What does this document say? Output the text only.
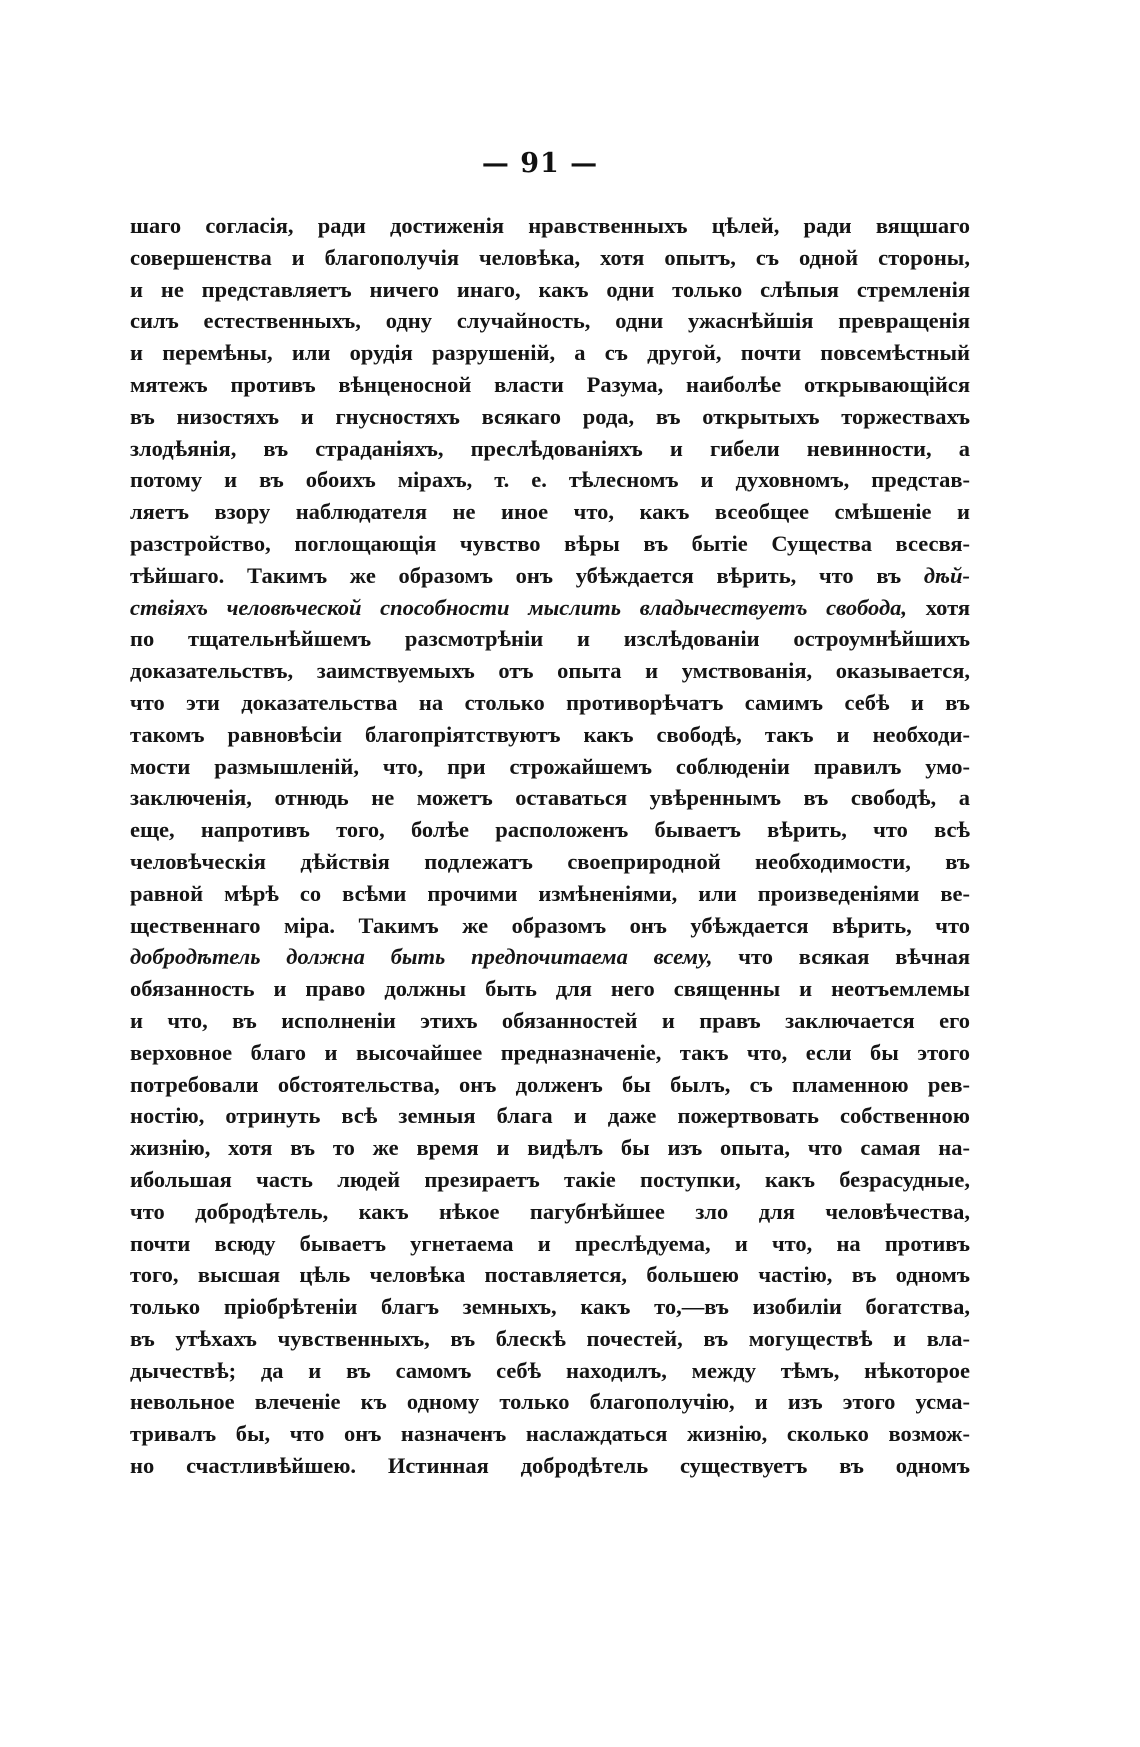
— 91 —
шаго согласія, ради достиженія нравственныхъ цѣлей, ради вящшаго
совершенства и благополучія человѣка, хотя опытъ, съ одной стороны,
и не представляетъ ничего инаго, какъ одни только слѣпыя стремленія
силъ естественныхъ, одну случайность, одни ужаснѣйшія превращенія
и перемѣны, или орудія разрушеній, а съ другой, почти повсемѣстный
мятежъ противъ вѣнценосной власти Разума, наиболѣе открывающійся
въ низостяхъ и гнусностяхъ всякаго рода, въ открытыхъ торжествахъ
злодѣянія, въ страданіяхъ, преслѣдованіяхъ и гибели невинности, а
потому и въ обоихъ мірахъ, т. е. тѣлесномъ и духовномъ, представ-
ляетъ взору наблюдателя не иное что, какъ всеобщее смѣшеніе и
разстройство, поглощающія чувство вѣры въ бытіе Существа всесвя-
тѣйшаго. Такимъ же образомъ онъ убѣждается вѣрить, что въ дѣй-
ствіяхъ человѣческой способности мыслить владычествуетъ свобода, хотя
по тщательнѣйшемъ разсмотрѣніи и изслѣдованіи остроумнѣйшихъ
доказательствъ, заимствуемыхъ отъ опыта и умствованія, оказывается,
что эти доказательства на столько противорѣчатъ самимъ себѣ и въ
такомъ равновѣсіи благопріятствуютъ какъ свободѣ, такъ и необходи-
мости размышленій, что, при строжайшемъ соблюденіи правилъ умо-
заключенія, отнюдь не можетъ оставаться увѣреннымъ въ свободѣ, а
еще, напротивъ того, болѣе расположенъ бываетъ вѣрить, что всѣ
человѣческія дѣйствія подлежатъ своеприродной необходимости, въ
равной мѣрѣ со всѣми прочими измѣненіями, или произведеніями ве-
щественнаго міра. Такимъ же образомъ онъ убѣждается вѣрить, что
добродѣтель должна быть предпочитаема всему, что всякая вѣчная
обязанность и право должны быть для него священны и неотъемлемы
и что, въ исполненіи этихъ обязанностей и правъ заключается его
верховное благо и высочайшее предназначеніе, такъ что, если бы этого
потребовали обстоятельства, онъ долженъ бы былъ, съ пламенною рев-
ностію, отринуть всѣ земныя блага и даже пожертвовать собственною
жизнію, хотя въ то же время и видѣлъ бы изъ опыта, что самая на-
ибольшая часть людей презираетъ такіе поступки, какъ безрасудные,
что добродѣтель, какъ нѣкое пагубнѣйшее зло для человѣчества,
почти всюду бываетъ угнетаема и преслѣдуема, и что, на противъ
того, высшая цѣль человѣка поставляется, большею частію, въ одномъ
только пріобрѣтеніи благъ земныхъ, какъ то,—въ изобиліи богатства,
въ утѣхахъ чувственныхъ, въ блескѣ почестей, въ могуществѣ и вла-
дычествѣ; да и въ самомъ себѣ находилъ, между тѣмъ, нѣкоторое
невольное влеченіе къ одному только благополучію, и изъ этого усма-
тривалъ бы, что онъ назначенъ наслаждаться жизнію, сколько возмож-
но счастливѣйшею. Истинная добродѣтель существуетъ въ одномъ
